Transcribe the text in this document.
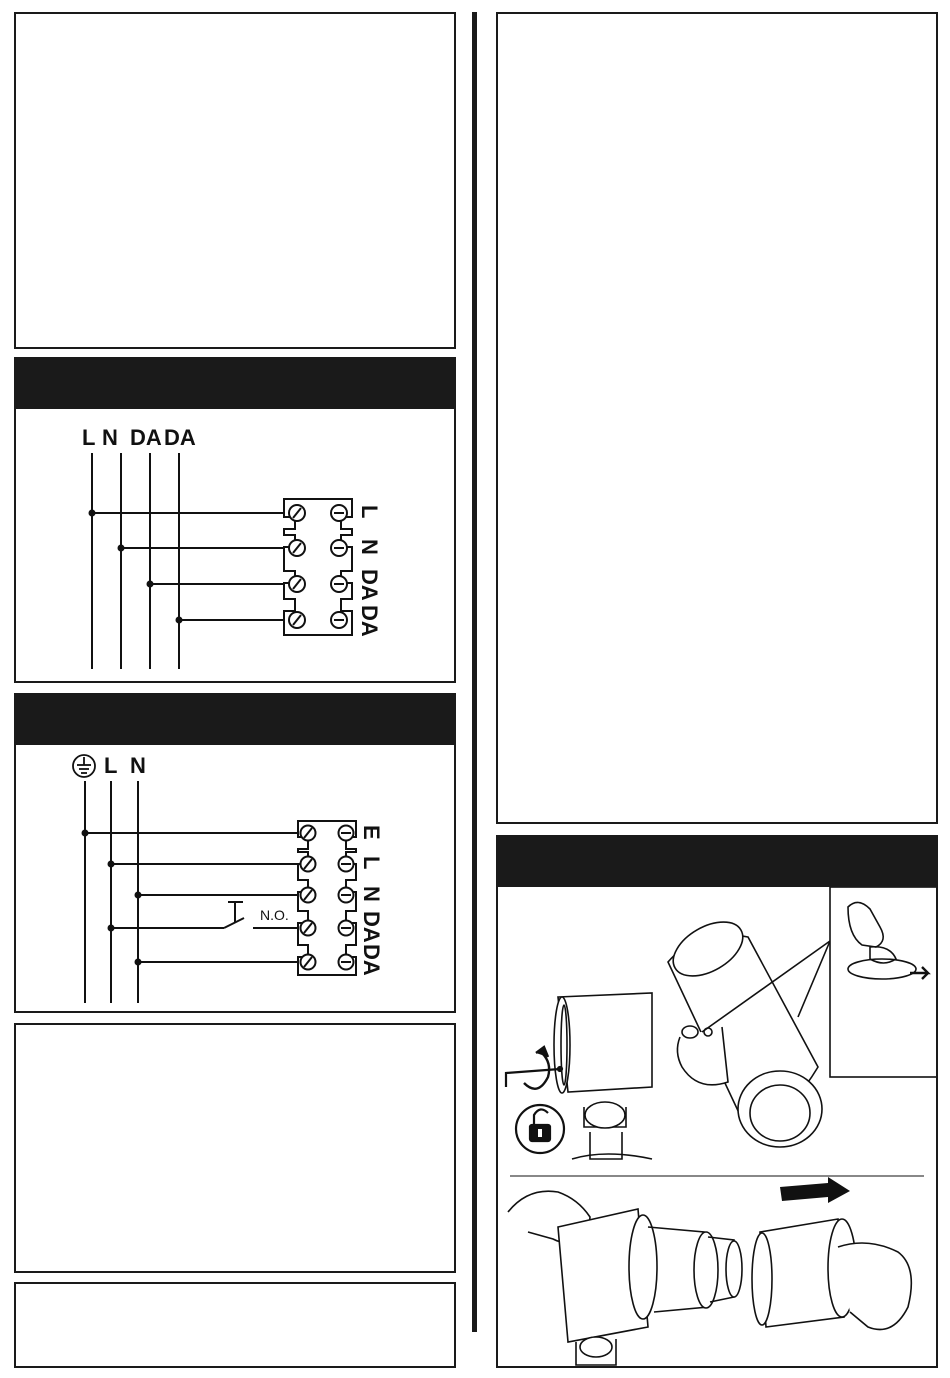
L N DA DA
L
N
DA
DA
L N
N.O.
E
L
N
DA
DA
